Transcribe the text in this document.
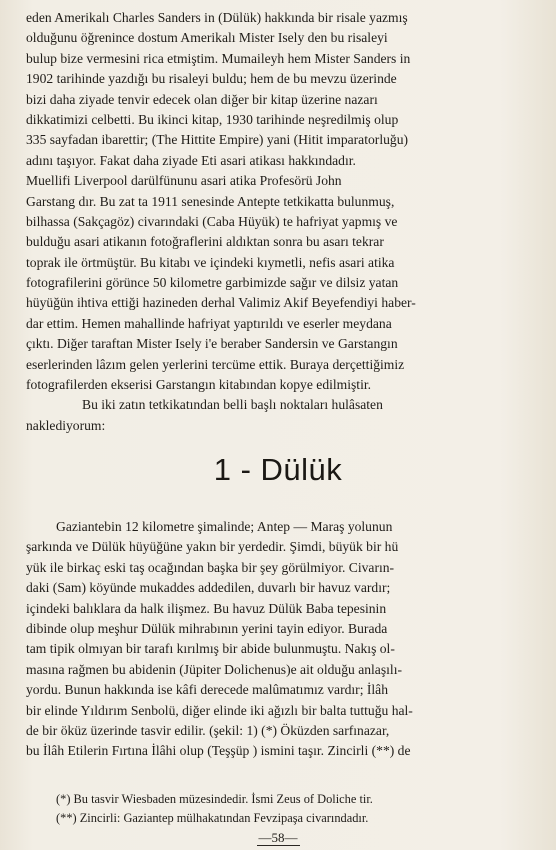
eden Amerikalı Charles Sanders in (Dülük) hakkında bir risale yazmış
olduğunu öğrenince dostum Amerikalı Mister Isely den bu risaleyi
bulup bize vermesini rica etmiştim. Mumaileyh hem Mister Sanders in
1902 tarihinde yazdığı bu risaleyi buldu; hem de bu mevzu üzerinde
bizi daha ziyade tenvir edecek olan diğer bir kitap üzerine nazarı
dikkatimizi celbetti. Bu ikinci kitap, 1930 tarihinde neşredilmiş olup
335 sayfadan ibarettir; (The Hittite Empire) yani (Hitit imparatorluğu)
adını taşıyor. Fakat daha ziyade Eti asari atikası hakkındadır.
Muellifi Liverpool darülfünunu asari atika Profesörü John
Garstang dır. Bu zat ta 1911 senesinde Antepte tetkikatta bulunmuş,
bilhassa (Sakçagöz) civarındaki (Caba Hüyük) te hafriyat yapmış ve
bulduğu asari atikanın fotoğraflerini aldıktan sonra bu asarı tekrar
toprak ile örtmüştür. Bu kitabı ve içindeki kıymetli, nefis asari atika
fotografilerini görünce 50 kilometre garbimizde sağır ve dilsiz yatan
hüyüğün ihtiva ettiği hazineden derhal Valimiz Akif Beyefendiyi haber-
dar ettim. Hemen mahallinde hafriyat yaptırıldı ve eserler meydana
çıktı. Diğer taraftan Mister Isely i'e beraber Sandersin ve Garstangın
eserlerinden lâzım gelen yerlerini tercüme ettik. Buraya derçettiğimiz
fotografilerden ekserisi Garstangın kitabından kopye edilmiştir.
Bu iki zatın tetkikatından belli başlı noktaları hulâsaten
naklediyorum:
1 - Dülük
Gaziantebin 12 kilometre şimalinde; Antep — Maraş yolunun
şarkında ve Dülük hüyüğüne yakın bir yerdedir. Şimdi, büyük bir hü
yük ile birkaç eski taş ocağından başka bir şey görülmiyor. Civarın-
daki (Sam) köyünde mukaddes addedilen, duvarlı bir havuz vardır;
içindeki balıklara da halk ilişmez. Bu havuz Dülük Baba tepesinin
dibinde olup meşhur Dülük mihrabının yerini tayin ediyor. Burada
tam tipik olmıyan bir tarafı kırılmış bir abide bulunmuştu. Nakış ol-
masına rağmen bu abidenin (Jüpiter Dolichenus)e ait olduğu anlaşılı-
yordu. Bunun hakkında ise kâfi derecede malûmatımız vardır; İlâh
bir elinde Yıldırım Senbolü, diğer elinde iki ağızlı bir balta tuttuğu hal-
de bir öküz üzerinde tasvir edilir. (şekil: 1) (*) Öküzden sarfınazar,
bu İlâh Etilerin Fırtına İlâhi olup (Teşşüp ) ismini taşır. Zincirli (**) de
(*) Bu tasvir Wiesbaden müzesindedir. İsmi Zeus of Doliche tir.
(**) Zincirli: Gaziantep mülhakatından Fevzipaşa civarındadır.
—58—
